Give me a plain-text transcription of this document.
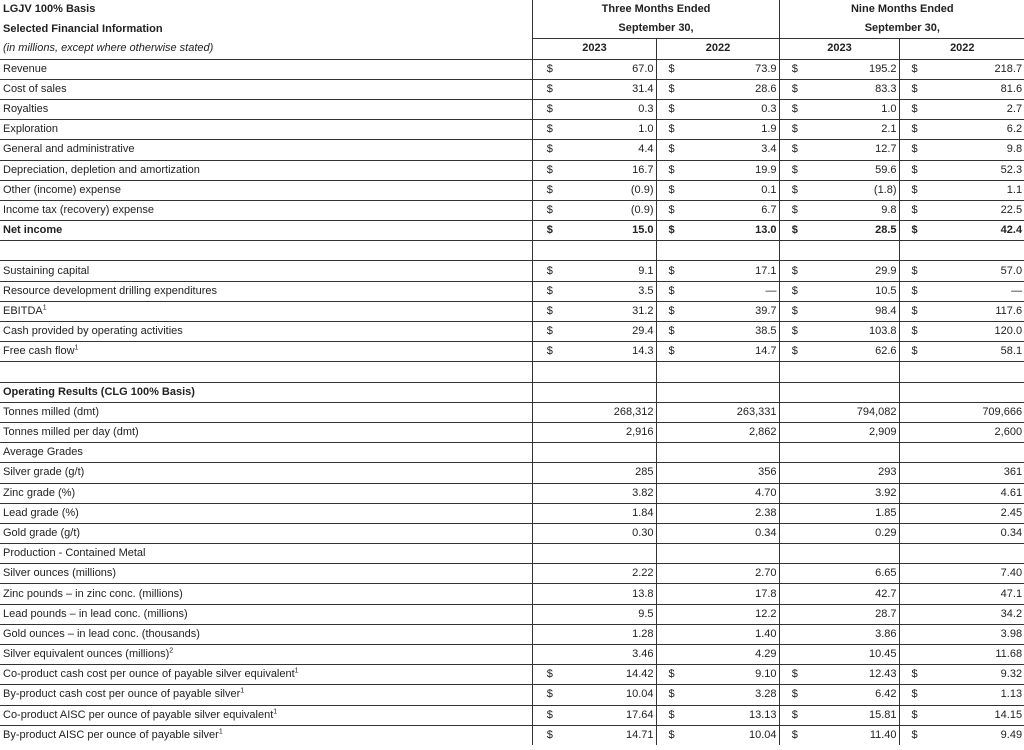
LGJV 100% Basis	Three Months Ended				Nine Months Ended			
Selected Financial Information	September 30,				September 30,			
(in millions, except where otherwise stated)	2023		2022		2023		2022	
Revenue	$	67.0	$	73.9	$	195.2	$	218.7
Cost of sales	$	31.4	$	28.6	$	83.3	$	81.6
Royalties	$	0.3	$	0.3	$	1.0	$	2.7
Exploration	$	1.0	$	1.9	$	2.1	$	6.2
General and administrative	$	4.4	$	3.4	$	12.7	$	9.8
Depreciation, depletion and amortization	$	16.7	$	19.9	$	59.6	$	52.3
Other (income) expense	$	(0.9)	$	0.1	$	(1.8)	$	1.1
Income tax (recovery) expense	$	(0.9)	$	6.7	$	9.8	$	22.5
Net income	$	15.0	$	13.0	$	28.5	$	42.4

Sustaining capital	$	9.1	$	17.1	$	29.9	$	57.0
Resource development drilling expenditures	$	3.5	$	—	$	10.5	$	—
EBITDA$^1$	$	31.2	$	39.7	$	98.4	$	117.6
Cash provided by operating activities	$	29.4	$	38.5	$	103.8	$	120.0
Free cash flow$^1$	$	14.3	$	14.7	$	62.6	$	58.1

Operating Results (CLG 100% Basis)								
Tonnes milled (dmt)		268,312		263,331		794,082		709,666
Tonnes milled per day (dmt)		2,916		2,862		2,909		2,600
Average Grades								
Silver grade (g/t)		285		356		293		361
Zinc grade (%)		3.82		4.70		3.92		4.61
Lead grade (%)		1.84		2.38		1.85		2.45
Gold grade (g/t)		0.30		0.34		0.29		0.34
Production - Contained Metal								
Silver ounces (millions)		2.22		2.70		6.65		7.40
Zinc pounds – in zinc conc. (millions)		13.8		17.8		42.7		47.1
Lead pounds – in lead conc. (millions)		9.5		12.2		28.7		34.2
Gold ounces – in lead conc. (thousands)		1.28		1.40		3.86		3.98
Silver equivalent ounces (millions)$^2$		3.46		4.29		10.45		11.68
Co-product cash cost per ounce of payable silver equivalent$^1$	$	14.42	$	9.10	$	12.43	$	9.32
By-product cash cost per ounce of payable silver$^1$	$	10.04	$	3.28	$	6.42	$	1.13
Co-product AISC per ounce of payable silver equivalent$^1$	$	17.64	$	13.13	$	15.81	$	14.15
By-product AISC per ounce of payable silver$^1$	$	14.71	$	10.04	$	11.40	$	9.49
